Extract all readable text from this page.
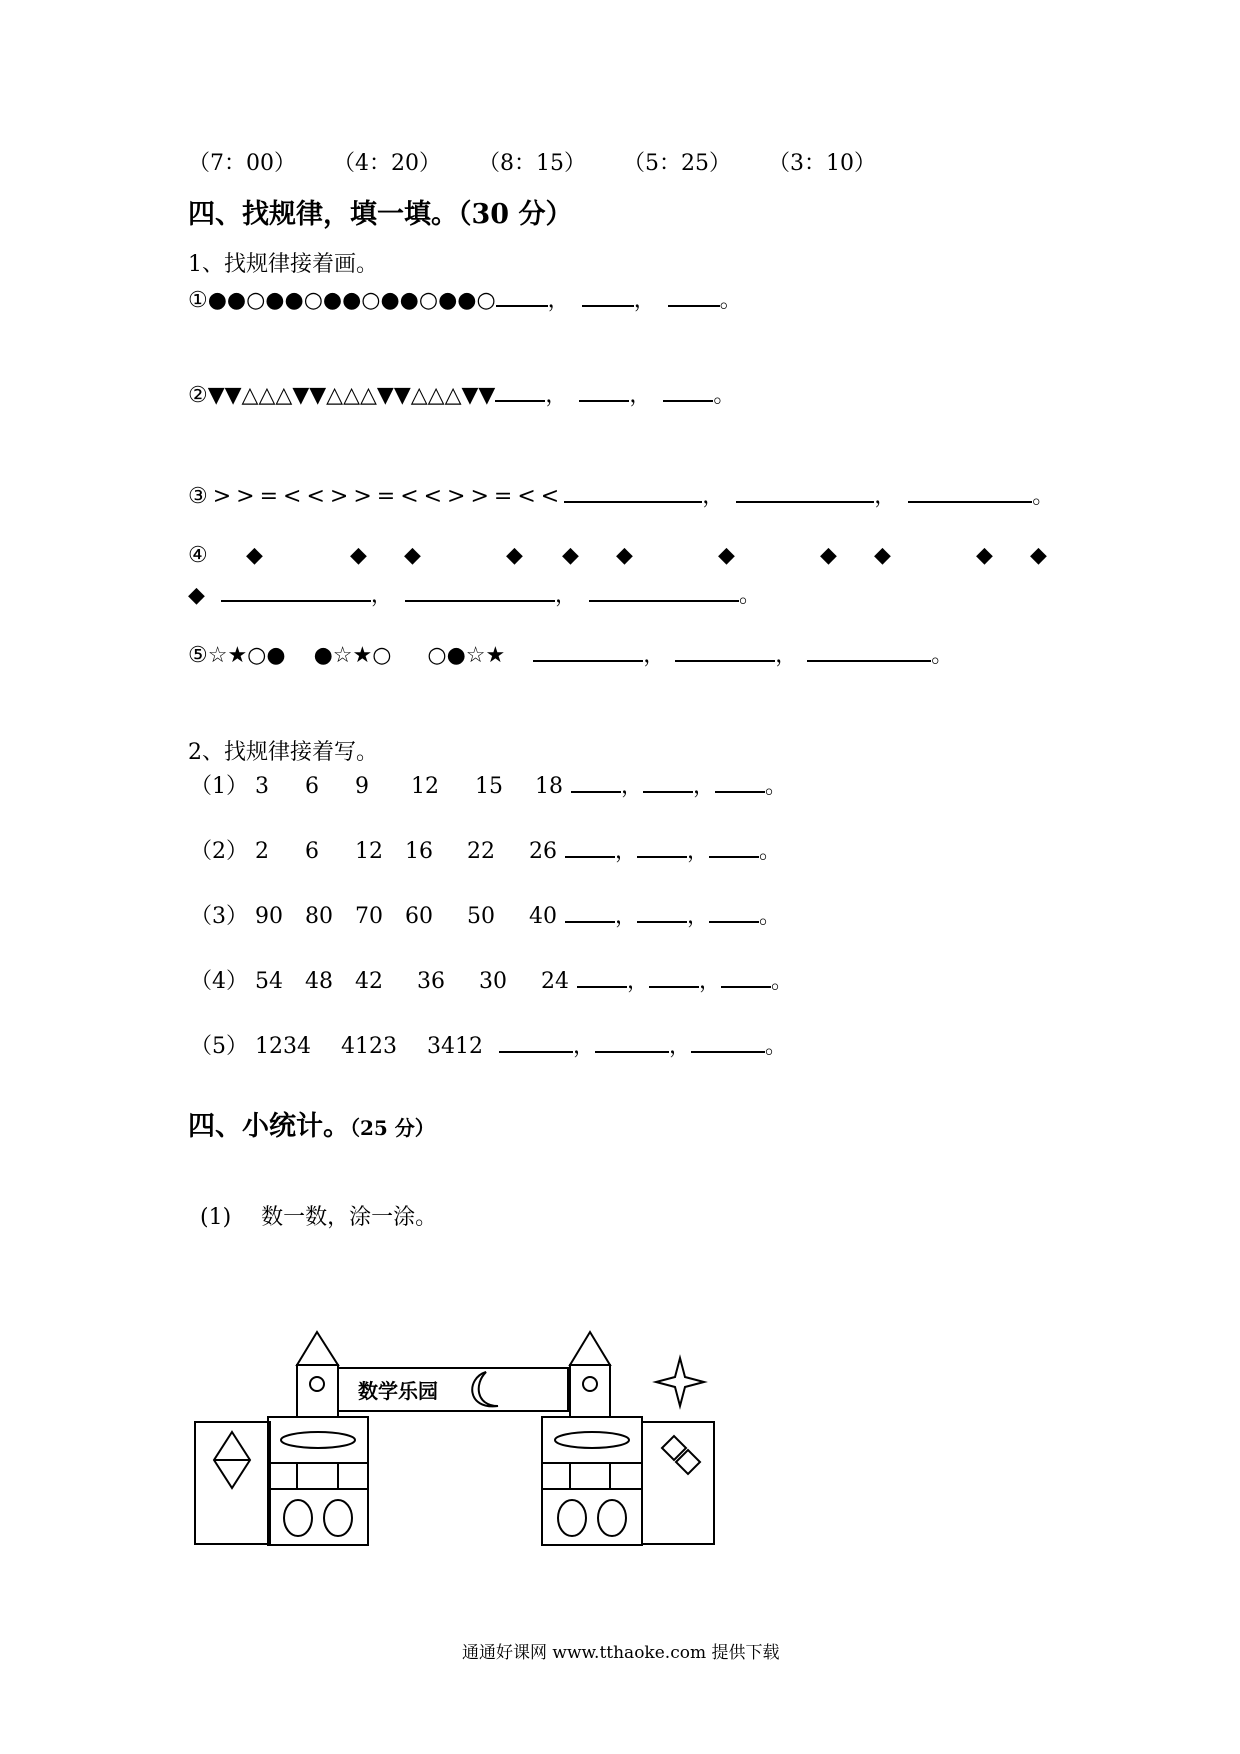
（7：00） （4：20） （8：15） （5：25） （3：10）
四、找规律，填一填。（30 分）
1、找规律接着画。
①●●○●●○●●○●●○●●○ ，	，	。
②▼▼△△△▼▼△△△▼▼△△△▼▼ ，	，	。
③>>=<<>>=<<>>=<<	，	，	。
④ ◆	◆ ◆	◆ ◆ ◆	◆	◆ ◆	◆ ◆
◆	，	，	。
⑤☆★○● ●☆★○ ○●☆★	，	，	。
2、找规律接着写。
（1） 3 6 9 12 15 18	， ， 。
（2） 2 6 12 16 22 26	， ， 。
（3） 90 80 70 60 50 40	， ， 。
（4） 54 48 42 36 30 24	， ， 。
（5） 1234 4123 3412	，	，	。
四、小统计。（25 分）
(1) 数一数，涂一涂。
数学乐园
通通好课网 www.tthaoke.com 提供下载
